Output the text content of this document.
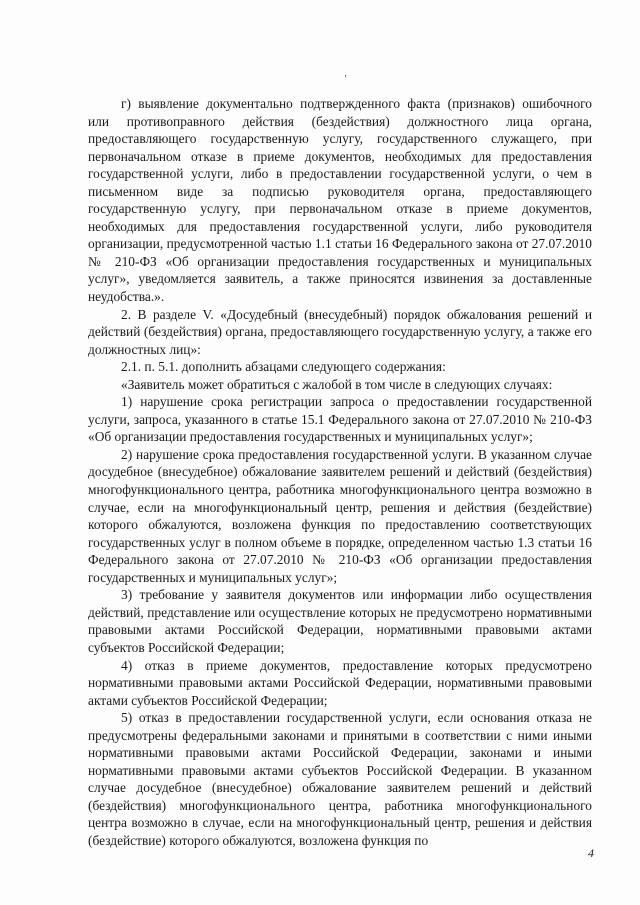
‛

г) выявление документально подтвержденного факта (признаков) ошибочного или противоправного действия (бездействия) должностного лица органа, предоставляющего государственную услугу, государственного служащего, при первоначальном отказе в приеме документов, необходимых для предоставления государственной услуги, либо в предоставлении государственной услуги, о чем в письменном виде за подписью руководителя органа, предоставляющего государственную услугу, при первоначальном отказе в приеме документов, необходимых для предоставления государственной услуги, либо руководителя организации, предусмотренной частью 1.1 статьи 16 Федерального закона от 27.07.2010 № 210-ФЗ «Об организации предоставления государственных и муниципальных услуг», уведомляется заявитель, а также приносятся извинения за доставленные неудобства.».

2. В разделе V. «Досудебный (внесудебный) порядок обжалования решений и действий (бездействия) органа, предоставляющего государственную услугу, а также его должностных лиц»:

2.1. п. 5.1. дополнить абзацами следующего содержания:

«Заявитель может обратиться с жалобой в том числе в следующих случаях:

1) нарушение срока регистрации запроса о предоставлении государственной услуги, запроса, указанного в статье 15.1 Федерального закона от 27.07.2010 № 210-ФЗ «Об организации предоставления государственных и муниципальных услуг»;

2) нарушение срока предоставления государственной услуги. В указанном случае досудебное (внесудебное) обжалование заявителем решений и действий (бездействия) многофункционального центра, работника многофункционального центра возможно в случае, если на многофункциональный центр, решения и действия (бездействие) которого обжалуются, возложена функция по предоставлению соответствующих государственных услуг в полном объеме в порядке, определенном частью 1.3 статьи 16 Федерального закона от 27.07.2010 № 210-ФЗ «Об организации предоставления государственных и муниципальных услуг»;

3) требование у заявителя документов или информации либо осуществления действий, представление или осуществление которых не предусмотрено нормативными правовыми актами Российской Федерации, нормативными правовыми актами субъектов Российской Федерации;

4) отказ в приеме документов, предоставление которых предусмотрено нормативными правовыми актами Российской Федерации, нормативными правовыми актами субъектов Российской Федерации;

5) отказ в предоставлении государственной услуги, если основания отказа не предусмотрены федеральными законами и принятыми в соответствии с ними иными нормативными правовыми актами Российской Федерации, законами и иными нормативными правовыми актами субъектов Российской Федерации. В указанном случае досудебное (внесудебное) обжалование заявителем решений и действий (бездействия) многофункционального центра, работника многофункционального центра возможно в случае, если на многофункциональный центр, решения и действия (бездействие) которого обжалуются, возложена функция по

4
